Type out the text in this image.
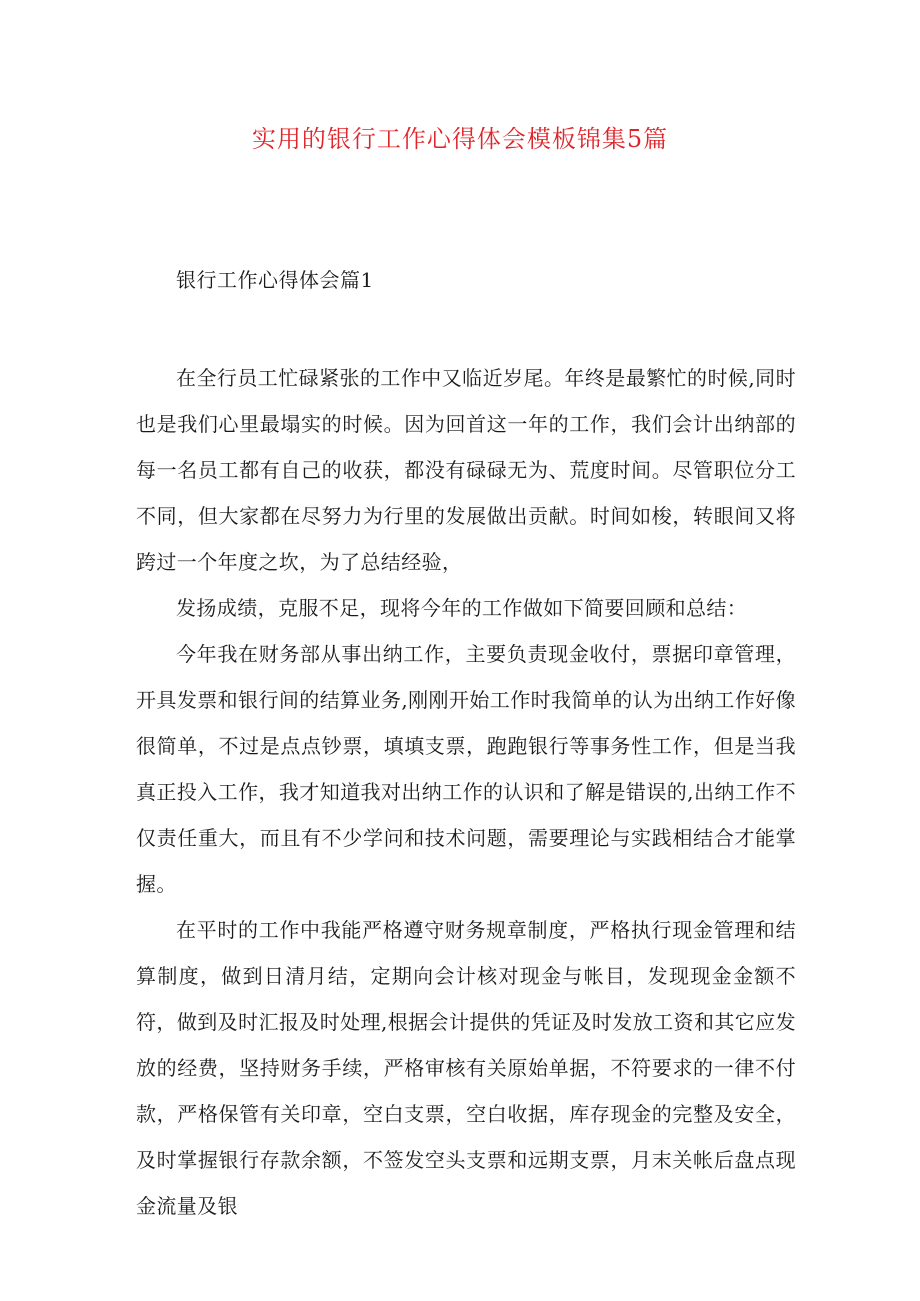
实用的银行工作心得体会模板锦集5篇
银行工作心得体会篇1

在全行员工忙碌紧张的工作中又临近岁尾。年终是最繁忙的时候,同时也是我们心里最塌实的时候。因为回首这一年的工作，我们会计出纳部的每一名员工都有自己的收获，都没有碌碌无为、荒度时间。尽管职位分工不同，但大家都在尽努力为行里的发展做出贡献。时间如梭，转眼间又将跨过一个年度之坎，为了总结经验，

发扬成绩，克服不足，现将今年的工作做如下简要回顾和总结：

今年我在财务部从事出纳工作，主要负责现金收付，票据印章管理，开具发票和银行间的结算业务,刚刚开始工作时我简单的认为出纳工作好像很简单，不过是点点钞票，填填支票，跑跑银行等事务性工作，但是当我真正投入工作，我才知道我对出纳工作的认识和了解是错误的,出纳工作不仅责任重大，而且有不少学问和技术问题，需要理论与实践相结合才能掌握。

在平时的工作中我能严格遵守财务规章制度，严格执行现金管理和结算制度，做到日清月结，定期向会计核对现金与帐目，发现现金金额不符，做到及时汇报及时处理,根据会计提供的凭证及时发放工资和其它应发放的经费，坚持财务手续，严格审核有关原始单据，不符要求的一律不付款，严格保管有关印章，空白支票，空白收据，库存现金的完整及安全，及时掌握银行存款余额，不签发空头支票和远期支票，月末关帐后盘点现金流量及银
